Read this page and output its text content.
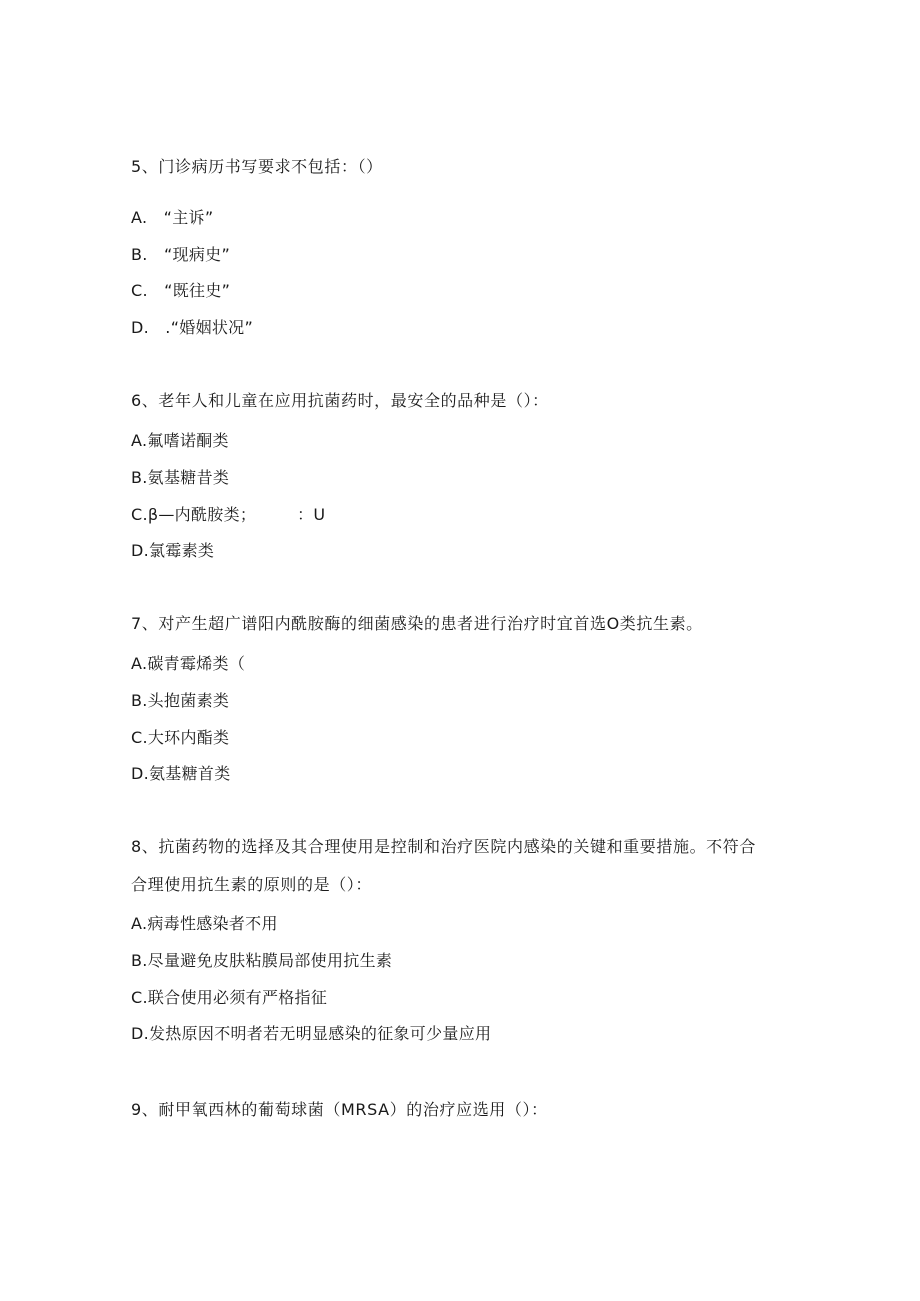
5、门诊病历书写要求不包括：（）
A.　“主诉”
B.　“现病史”
C.　“既往史”
D.　.“婚姻状况”
6、老年人和儿童在应用抗菌药时，最安全的品种是（）：
A.氟嗜诺酮类
B.氨基糖昔类
C.β—内酰胺类；　　　：U
D.氯霉素类
7、对产生超广谱阳内酰胺酶的细菌感染的患者进行治疗时宜首选O类抗生素。
A.碳青霉烯类（
B.头抱菌素类
C.大环内酯类
D.氨基糖首类
8、抗菌药物的选择及其合理使用是控制和治疗医院内感染的关键和重要措施。不符合
合理使用抗生素的原则的是（）：
A.病毒性感染者不用
B.尽量避免皮肤粘膜局部使用抗生素
C.联合使用必须有严格指征
D.发热原因不明者若无明显感染的征象可少量应用
9、耐甲氧西林的葡萄球菌（MRSA）的治疗应选用（）：
